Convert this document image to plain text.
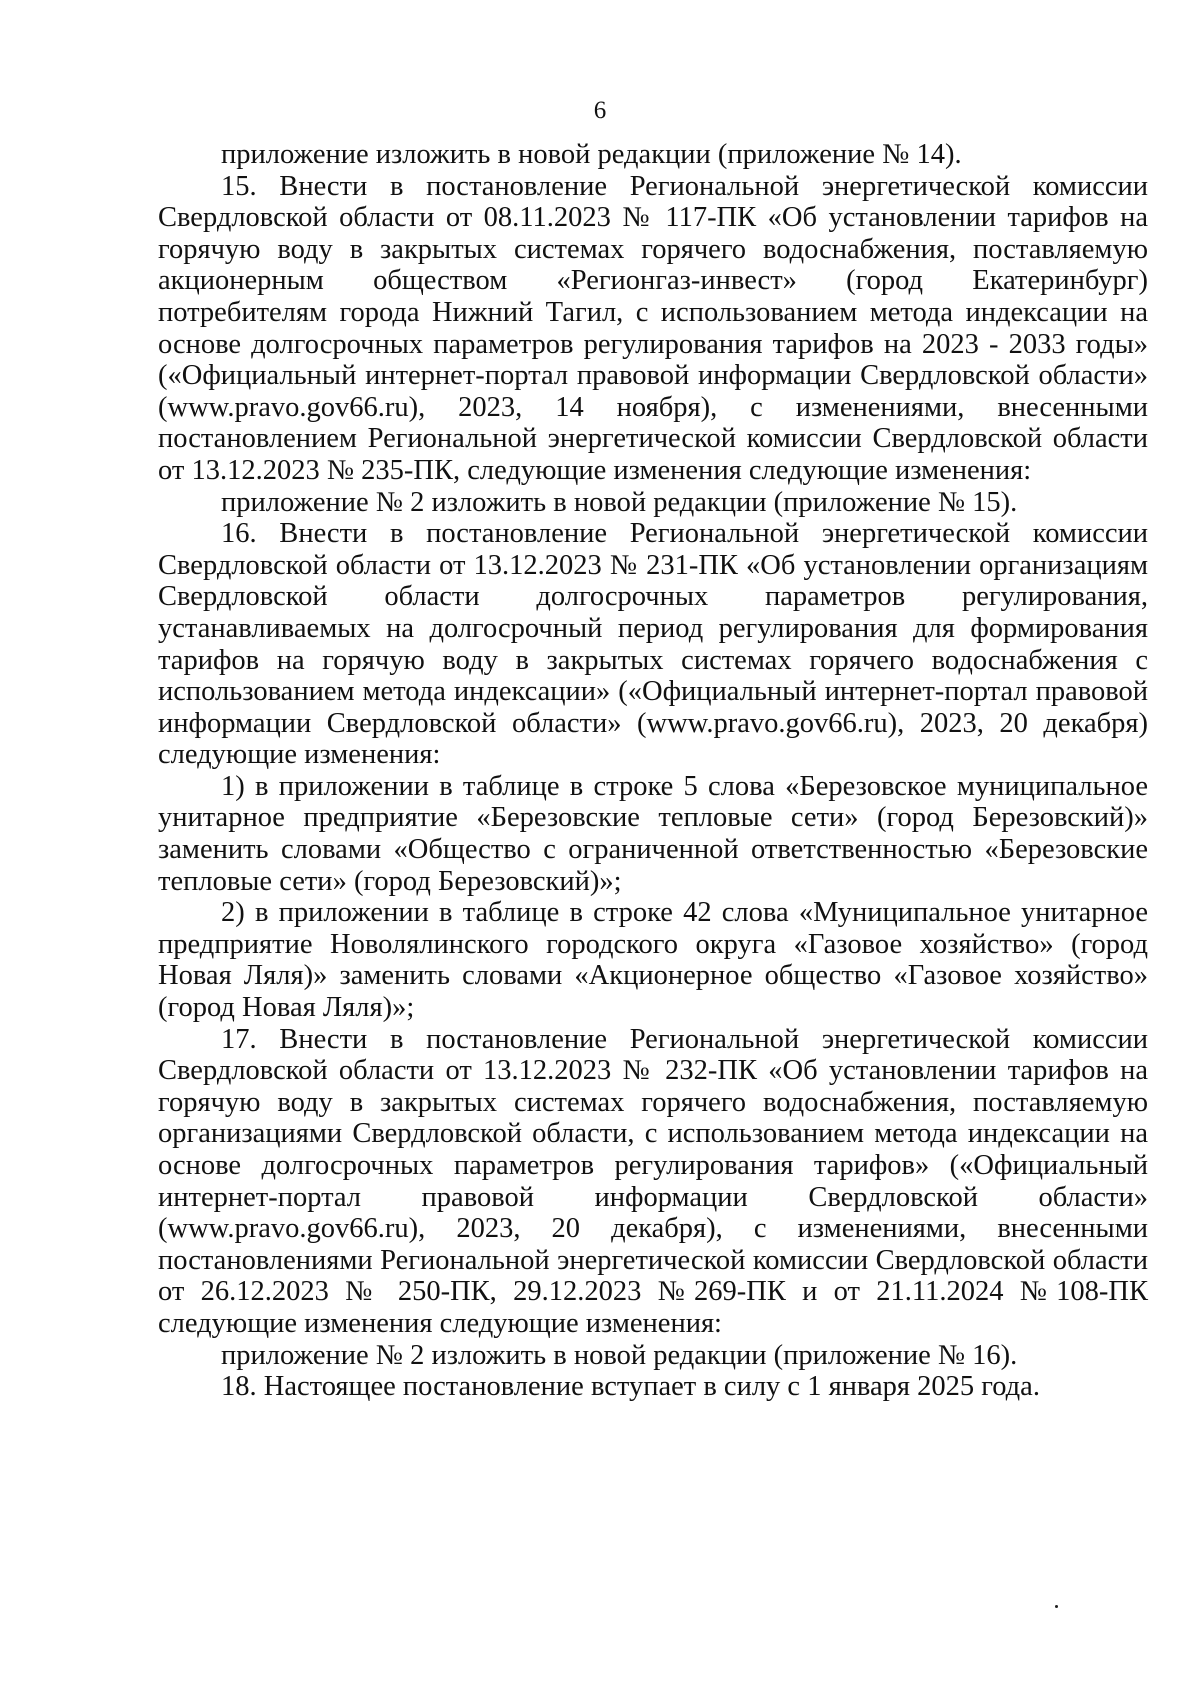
6

приложение изложить в новой редакции (приложение № 14).

15. Внести в постановление Региональной энергетической комиссии Свердловской области от 08.11.2023 № 117-ПК «Об установлении тарифов на горячую воду в закрытых системах горячего водоснабжения, поставляемую акционерным обществом «Регионгаз-инвест» (город Екатеринбург) потребителям города Нижний Тагил, с использованием метода индексации на основе долгосрочных параметров регулирования тарифов на 2023 - 2033 годы» («Официальный интернет-портал правовой информации Свердловской области» (www.pravo.gov66.ru), 2023, 14 ноября), с изменениями, внесенными постановлением Региональной энергетической комиссии Свердловской области от 13.12.2023 № 235-ПК, следующие изменения следующие изменения:

приложение № 2 изложить в новой редакции (приложение № 15).

16. Внести в постановление Региональной энергетической комиссии Свердловской области от 13.12.2023 № 231-ПК «Об установлении организациям Свердловской области долгосрочных параметров регулирования, устанавливаемых на долгосрочный период регулирования для формирования тарифов на горячую воду в закрытых системах горячего водоснабжения с использованием метода индексации» («Официальный интернет-портал правовой информации Свердловской области» (www.pravo.gov66.ru), 2023, 20 декабря) следующие изменения:

1) в приложении в таблице в строке 5 слова «Березовское муниципальное унитарное предприятие «Березовские тепловые сети» (город Березовский)» заменить словами «Общество с ограниченной ответственностью «Березовские тепловые сети» (город Березовский)»;

2) в приложении в таблице в строке 42 слова «Муниципальное унитарное предприятие Новолялинского городского округа «Газовое хозяйство» (город Новая Ляля)» заменить словами «Акционерное общество «Газовое хозяйство» (город Новая Ляля)»;

17. Внести в постановление Региональной энергетической комиссии Свердловской области от 13.12.2023 № 232-ПК «Об установлении тарифов на горячую воду в закрытых системах горячего водоснабжения, поставляемую организациями Свердловской области, с использованием метода индексации на основе долгосрочных параметров регулирования тарифов» («Официальный интернет-портал правовой информации Свердловской области» (www.pravo.gov66.ru), 2023, 20 декабря), с изменениями, внесенными постановлениями Региональной энергетической комиссии Свердловской области от 26.12.2023 № 250-ПК, 29.12.2023 №269-ПК и от 21.11.2024 №108-ПК следующие изменения следующие изменения:

приложение № 2 изложить в новой редакции (приложение № 16).

18. Настоящее постановление вступает в силу с 1 января 2025 года.
